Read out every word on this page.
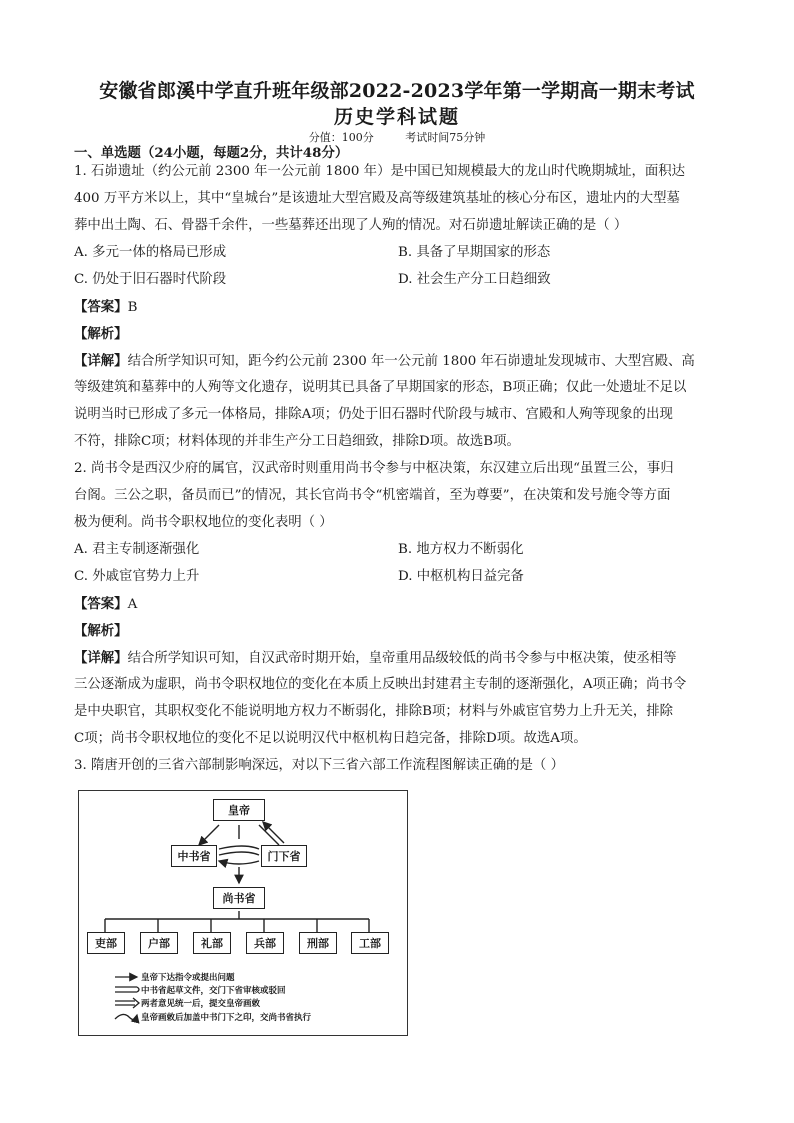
安徽省郎溪中学直升班年级部2022-2023学年第一学期高一期末考试
历史学科试题
分值：100分	考试时间75分钟
一、单选题（24小题，每题2分，共计48分）
1. 石峁遗址（约公元前 2300 年一公元前 1800 年）是中国已知规模最大的龙山时代晚期城址，面积达
400 万平方米以上，其中“皇城台”是该遗址大型宫殿及高等级建筑基址的核心分布区，遗址内的大型墓
葬中出土陶、石、骨器千余件，一些墓葬还出现了人殉的情况。对石峁遗址解读正确的是（ ）
A. 多元一体的格局已形成	B. 具备了早期国家的形态
C. 仍处于旧石器时代阶段	D. 社会生产分工日趋细致
【答案】B
【解析】
【详解】结合所学知识可知，距今约公元前 2300 年一公元前 1800 年石峁遗址发现城市、大型宫殿、高
等级建筑和墓葬中的人殉等文化遗存，说明其已具备了早期国家的形态，B项正确；仅此一处遗址不足以
说明当时已形成了多元一体格局，排除A项；仍处于旧石器时代阶段与城市、宫殿和人殉等现象的出现
不符，排除C项；材料体现的并非生产分工日趋细致，排除D项。故选B项。
2. 尚书令是西汉少府的属官，汉武帝时则重用尚书令参与中枢决策，东汉建立后出现“虽置三公，事归
台阁。三公之职，备员而已”的情况，其长官尚书令“机密端首，至为尊要”，在决策和发号施令等方面
极为便利。尚书令职权地位的变化表明（ ）
A. 君主专制逐渐强化	B. 地方权力不断弱化
C. 外戚宦官势力上升	D. 中枢机构日益完备
【答案】A
【解析】
【详解】结合所学知识可知，自汉武帝时期开始，皇帝重用品级较低的尚书令参与中枢决策，使丞相等
三公逐渐成为虚职，尚书令职权地位的变化在本质上反映出封建君主专制的逐渐强化，A项正确；尚书令
是中央职官，其职权变化不能说明地方权力不断弱化，排除B项；材料与外戚宦官势力上升无关，排除
C项；尚书令职权地位的变化不足以说明汉代中枢机构日趋完备，排除D项。故选A项。
3. 隋唐开创的三省六部制影响深远，对以下三省六部工作流程图解读正确的是（ ）
皇帝
中书省	门下省
尚书省
吏部	户部	礼部	兵部	刑部	工部
皇帝下达指令或提出问题
中书省起草文件，交门下省审核或驳回
两者意见统一后，提交皇帝画敕
皇帝画敕后加盖中书门下之印，交尚书省执行
